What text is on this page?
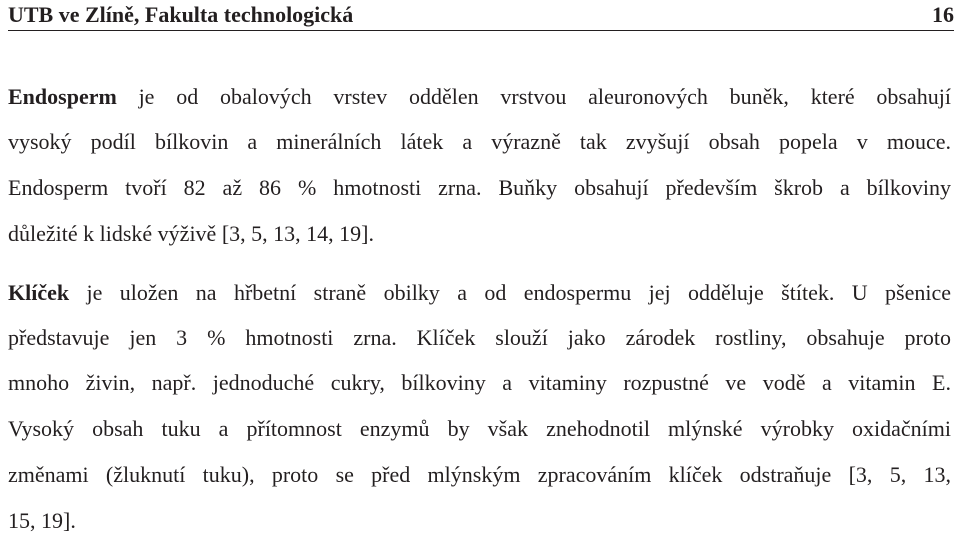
UTB ve Zlíně, Fakulta technologická	16
Endosperm je od obalových vrstev oddělen vrstvou aleuronových buněk, které obsahují
vysoký podíl bílkovin a minerálních látek a výrazně tak zvyšují obsah popela v mouce.
Endosperm tvoří 82 až 86 % hmotnosti zrna. Buňky obsahují především škrob a bílkoviny
důležité k lidské výživě [3, 5, 13, 14, 19].
Klíček je uložen na hřbetní straně obilky a od endospermu jej odděluje štítek. U pšenice
představuje jen 3 % hmotnosti zrna. Klíček slouží jako zárodek rostliny, obsahuje proto
mnoho živin, např. jednoduché cukry, bílkoviny a vitaminy rozpustné ve vodě a vitamin E.
Vysoký obsah tuku a přítomnost enzymů by však znehodnotil mlýnské výrobky oxidačními
změnami (žluknutí tuku), proto se před mlýnským zpracováním klíček odstraňuje [3, 5, 13,
15, 19].
